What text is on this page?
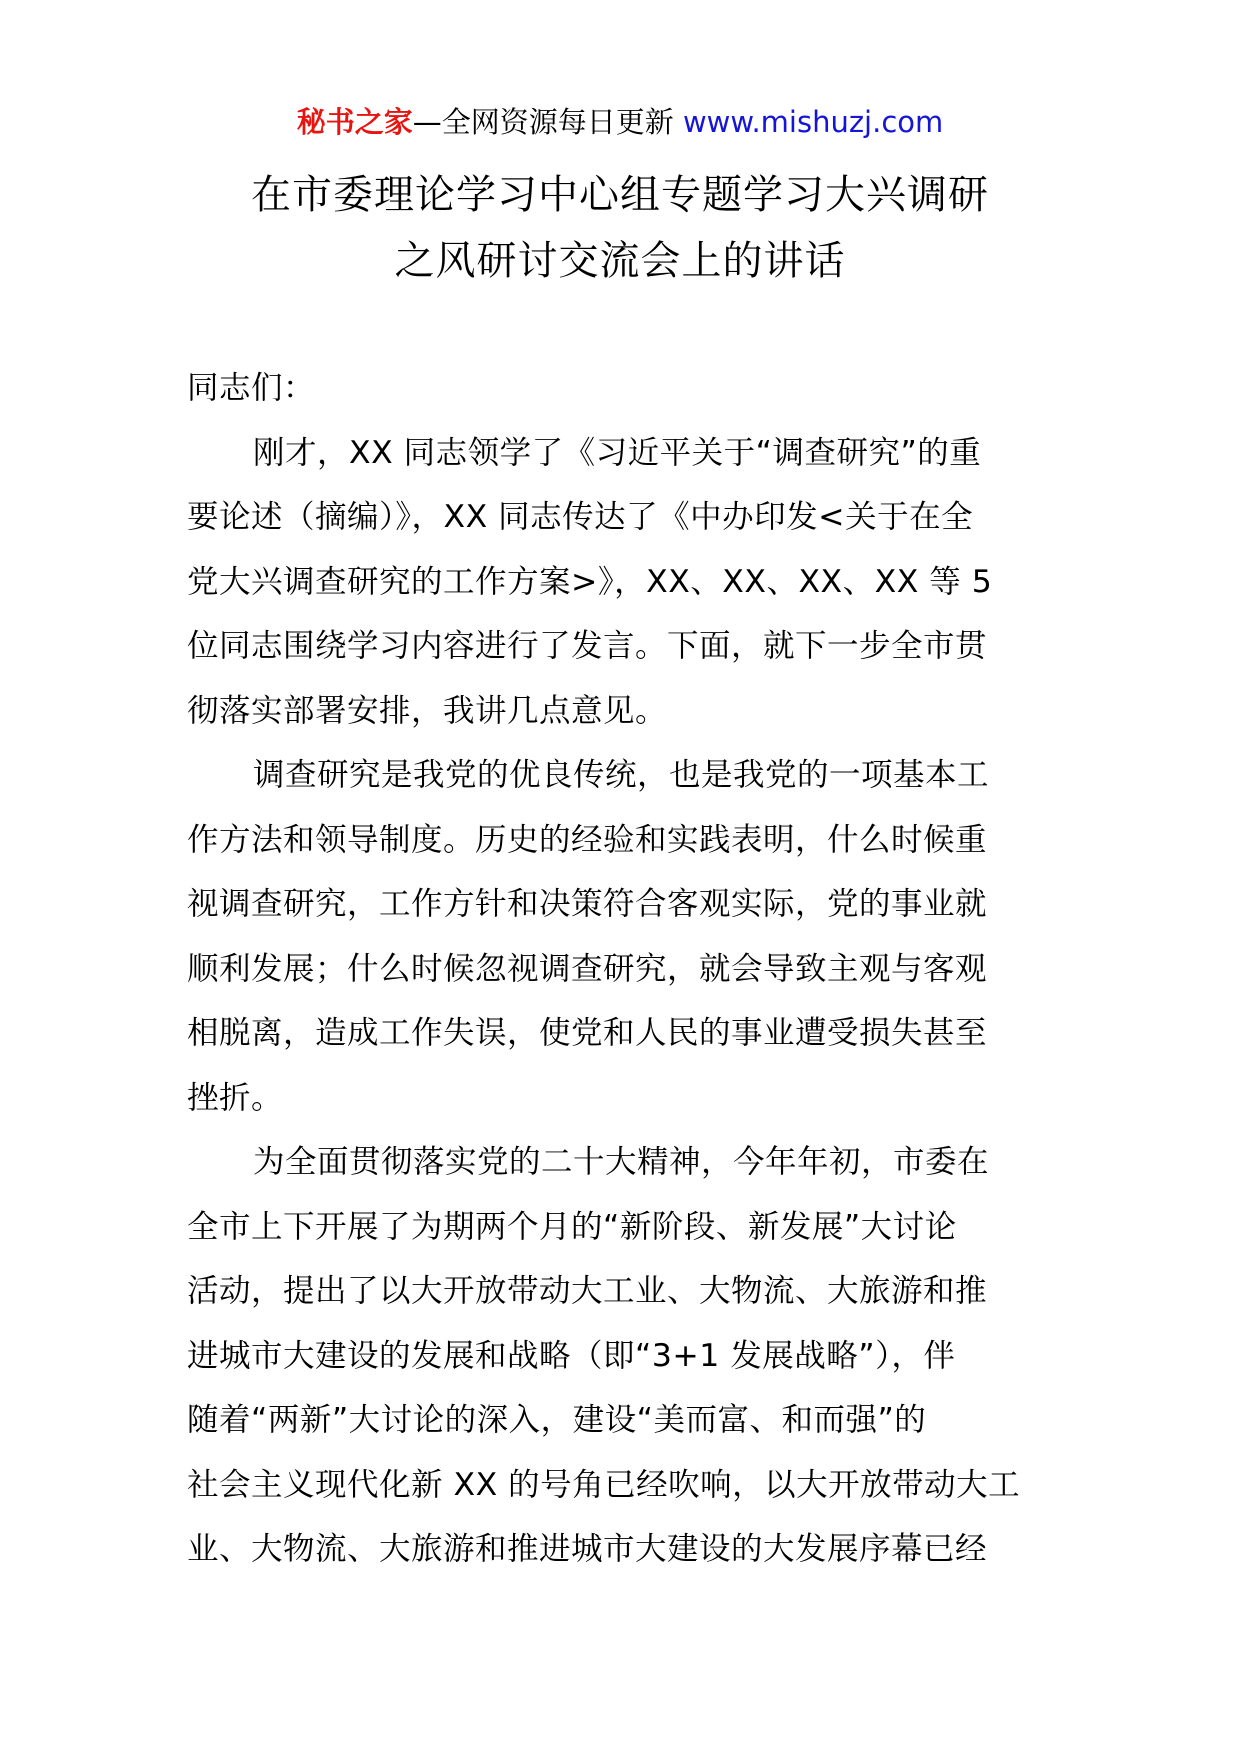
秘书之家—全网资源每日更新 www.mishuzj.com
在市委理论学习中心组专题学习大兴调研
之风研讨交流会上的讲话
同志们：
刚才，XX 同志领学了《习近平关于“调查研究”的重
要论述（摘编）》，XX 同志传达了《中办印发<关于在全
党大兴调查研究的工作方案>》，XX、XX、XX、XX 等 5
位同志围绕学习内容进行了发言。下面，就下一步全市贯
彻落实部署安排，我讲几点意见。
调查研究是我党的优良传统，也是我党的一项基本工
作方法和领导制度。历史的经验和实践表明，什么时候重
视调查研究，工作方针和决策符合客观实际，党的事业就
顺利发展；什么时候忽视调查研究，就会导致主观与客观
相脱离，造成工作失误，使党和人民的事业遭受损失甚至
挫折。
为全面贯彻落实党的二十大精神，今年年初，市委在
全市上下开展了为期两个月的“新阶段、新发展”大讨论
活动，提出了以大开放带动大工业、大物流、大旅游和推
进城市大建设的发展和战略（即“3+1 发展战略”），伴
随着“两新”大讨论的深入，建设“美而富、和而强”的
社会主义现代化新 XX 的号角已经吹响，以大开放带动大工
业、大物流、大旅游和推进城市大建设的大发展序幕已经
